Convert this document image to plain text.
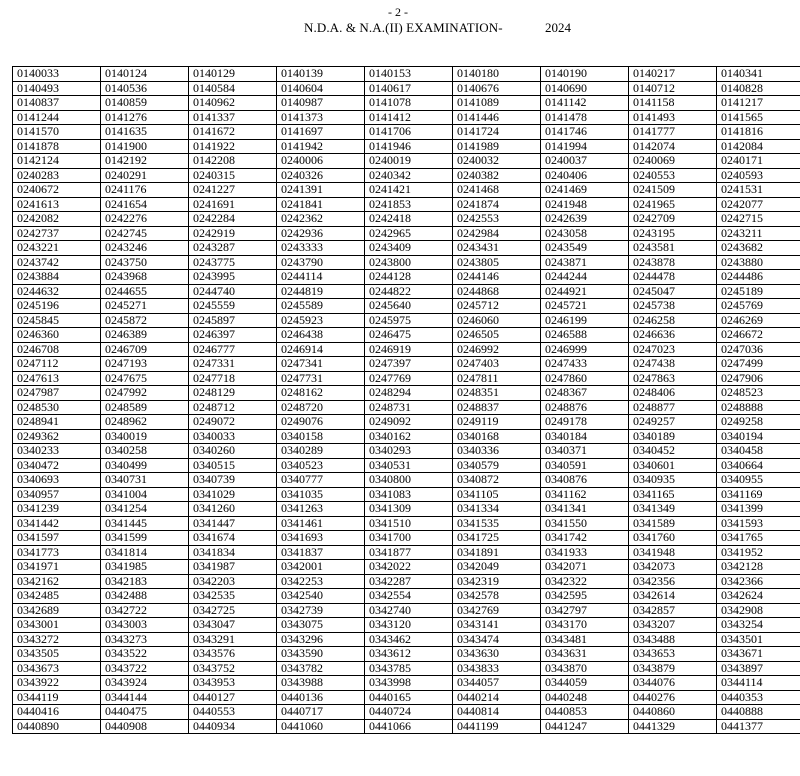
- 2 -
N.D.A. & N.A.(II) EXAMINATION-	2024
0140033	0140124	0140129	0140139	0140153	0140180	0140190	0140217	0140341
0140493	0140536	0140584	0140604	0140617	0140676	0140690	0140712	0140828
0140837	0140859	0140962	0140987	0141078	0141089	0141142	0141158	0141217
0141244	0141276	0141337	0141373	0141412	0141446	0141478	0141493	0141565
0141570	0141635	0141672	0141697	0141706	0141724	0141746	0141777	0141816
0141878	0141900	0141922	0141942	0141946	0141989	0141994	0142074	0142084
0142124	0142192	0142208	0240006	0240019	0240032	0240037	0240069	0240171
0240283	0240291	0240315	0240326	0240342	0240382	0240406	0240553	0240593
0240672	0241176	0241227	0241391	0241421	0241468	0241469	0241509	0241531
0241613	0241654	0241691	0241841	0241853	0241874	0241948	0241965	0242077
0242082	0242276	0242284	0242362	0242418	0242553	0242639	0242709	0242715
0242737	0242745	0242919	0242936	0242965	0242984	0243058	0243195	0243211
0243221	0243246	0243287	0243333	0243409	0243431	0243549	0243581	0243682
0243742	0243750	0243775	0243790	0243800	0243805	0243871	0243878	0243880
0243884	0243968	0243995	0244114	0244128	0244146	0244244	0244478	0244486
0244632	0244655	0244740	0244819	0244822	0244868	0244921	0245047	0245189
0245196	0245271	0245559	0245589	0245640	0245712	0245721	0245738	0245769
0245845	0245872	0245897	0245923	0245975	0246060	0246199	0246258	0246269
0246360	0246389	0246397	0246438	0246475	0246505	0246588	0246636	0246672
0246708	0246709	0246777	0246914	0246919	0246992	0246999	0247023	0247036
0247112	0247193	0247331	0247341	0247397	0247403	0247433	0247438	0247499
0247613	0247675	0247718	0247731	0247769	0247811	0247860	0247863	0247906
0247987	0247992	0248129	0248162	0248294	0248351	0248367	0248406	0248523
0248530	0248589	0248712	0248720	0248731	0248837	0248876	0248877	0248888
0248941	0248962	0249072	0249076	0249092	0249119	0249178	0249257	0249258
0249362	0340019	0340033	0340158	0340162	0340168	0340184	0340189	0340194
0340233	0340258	0340260	0340289	0340293	0340336	0340371	0340452	0340458
0340472	0340499	0340515	0340523	0340531	0340579	0340591	0340601	0340664
0340693	0340731	0340739	0340777	0340800	0340872	0340876	0340935	0340955
0340957	0341004	0341029	0341035	0341083	0341105	0341162	0341165	0341169
0341239	0341254	0341260	0341263	0341309	0341334	0341341	0341349	0341399
0341442	0341445	0341447	0341461	0341510	0341535	0341550	0341589	0341593
0341597	0341599	0341674	0341693	0341700	0341725	0341742	0341760	0341765
0341773	0341814	0341834	0341837	0341877	0341891	0341933	0341948	0341952
0341971	0341985	0341987	0342001	0342022	0342049	0342071	0342073	0342128
0342162	0342183	0342203	0342253	0342287	0342319	0342322	0342356	0342366
0342485	0342488	0342535	0342540	0342554	0342578	0342595	0342614	0342624
0342689	0342722	0342725	0342739	0342740	0342769	0342797	0342857	0342908
0343001	0343003	0343047	0343075	0343120	0343141	0343170	0343207	0343254
0343272	0343273	0343291	0343296	0343462	0343474	0343481	0343488	0343501
0343505	0343522	0343576	0343590	0343612	0343630	0343631	0343653	0343671
0343673	0343722	0343752	0343782	0343785	0343833	0343870	0343879	0343897
0343922	0343924	0343953	0343988	0343998	0344057	0344059	0344076	0344114
0344119	0344144	0440127	0440136	0440165	0440214	0440248	0440276	0440353
0440416	0440475	0440553	0440717	0440724	0440814	0440853	0440860	0440888
0440890	0440908	0440934	0441060	0441066	0441199	0441247	0441329	0441377
